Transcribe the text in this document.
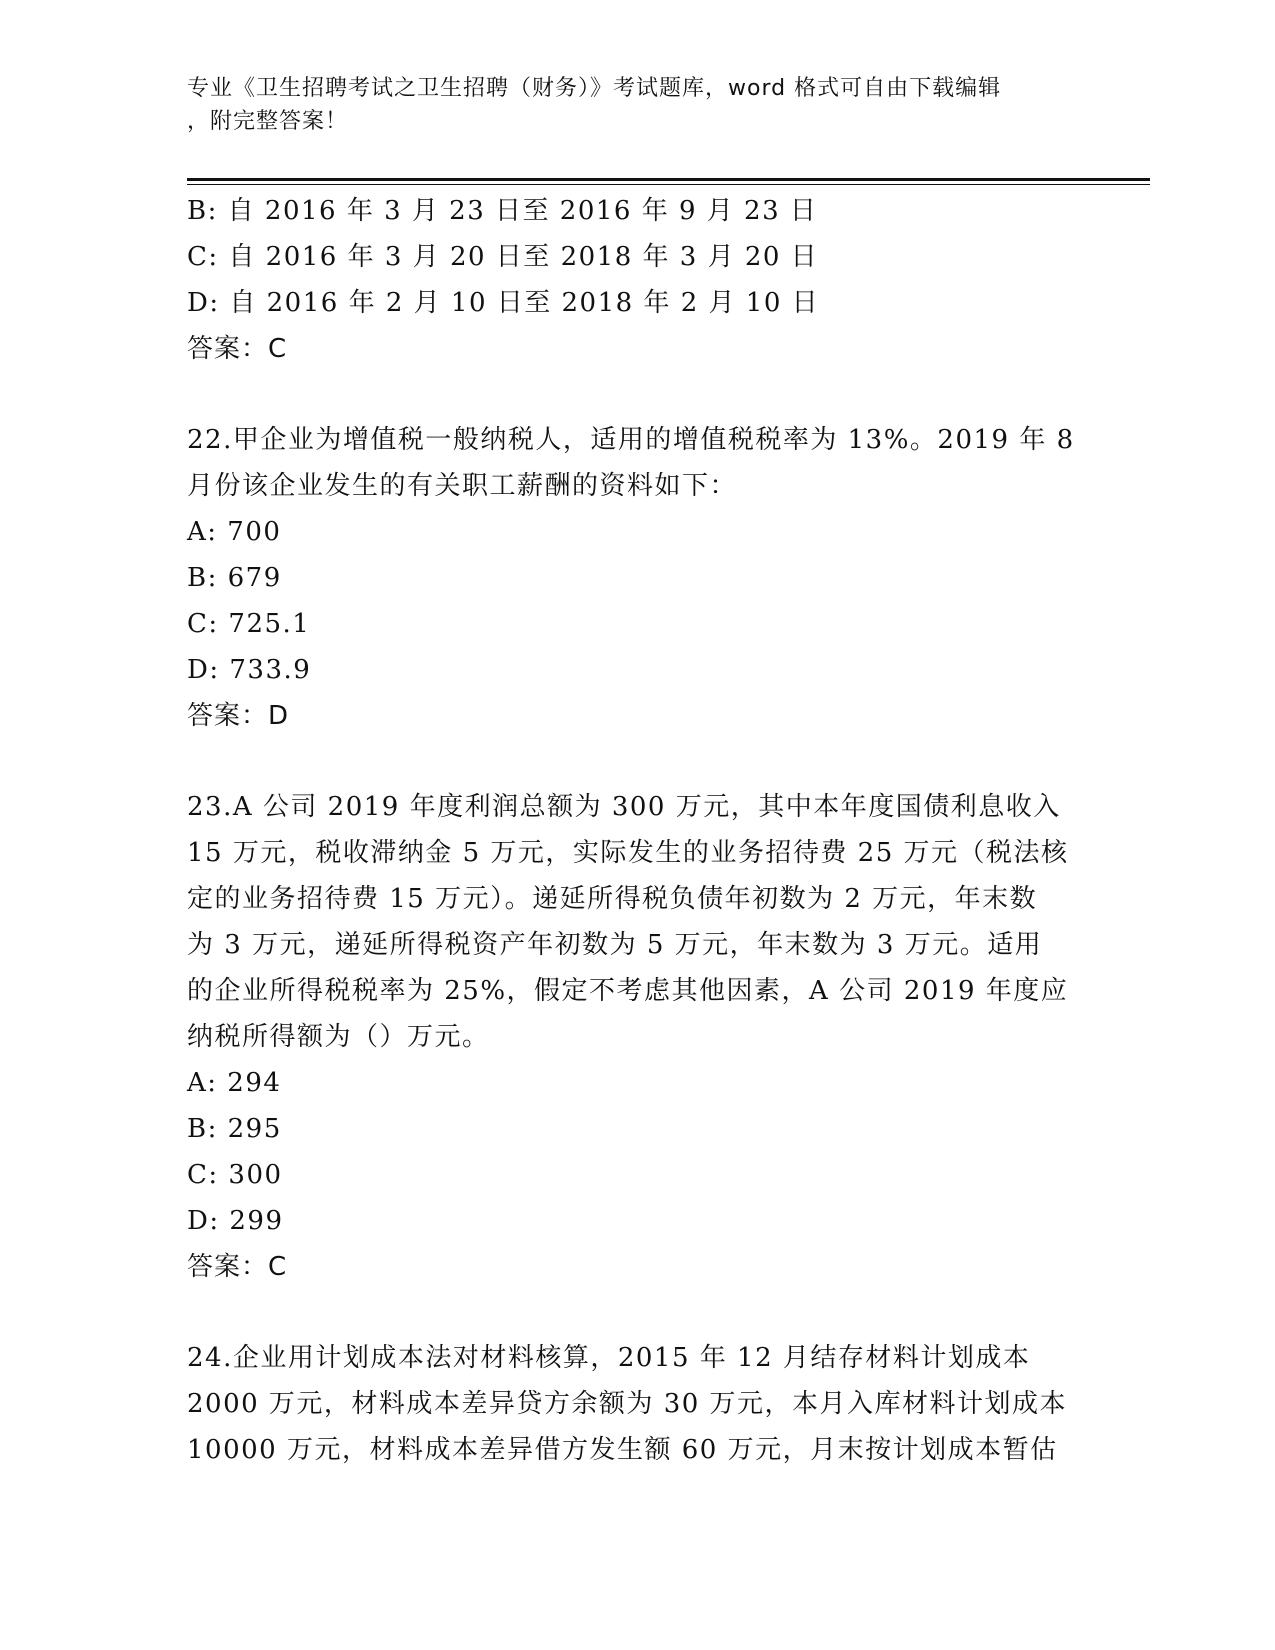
专业《卫生招聘考试之卫生招聘（财务）》考试题库，word 格式可自由下载编辑
，附完整答案！
B: 自 2016 年 3 月 23 日至 2016 年 9 月 23 日
C: 自 2016 年 3 月 20 日至 2018 年 3 月 20 日
D: 自 2016 年 2 月 10 日至 2018 年 2 月 10 日
答案：C
22.甲企业为增值税一般纳税人，适用的增值税税率为 13%。2019 年 8
月份该企业发生的有关职工薪酬的资料如下：
A: 700
B: 679
C: 725.1
D: 733.9
答案：D
23.A 公司 2019 年度利润总额为 300 万元，其中本年度国债利息收入
15 万元，税收滞纳金 5 万元，实际发生的业务招待费 25 万元（税法核
定的业务招待费 15 万元）。递延所得税负债年初数为 2 万元，年末数
为 3 万元，递延所得税资产年初数为 5 万元，年末数为 3 万元。适用
的企业所得税税率为 25%，假定不考虑其他因素，A 公司 2019 年度应
纳税所得额为（）万元。
A: 294
B: 295
C: 300
D: 299
答案：C
24.企业用计划成本法对材料核算，2015 年 12 月结存材料计划成本
2000 万元，材料成本差异贷方余额为 30 万元，本月入库材料计划成本
10000 万元，材料成本差异借方发生额 60 万元，月末按计划成本暂估
